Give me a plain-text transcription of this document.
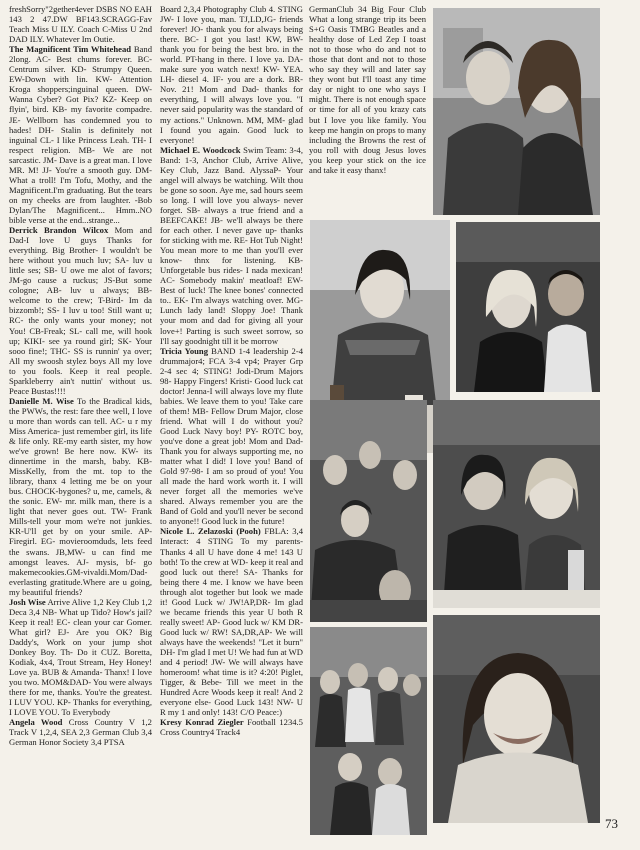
freshSorry"2gether4ever DSBS NO EAH 143 2 47.DW BF143.SCRAGG-Fav Teach Miss U ILY. Coach C-Miss U 2nd DAD ILY. Whatever Im Outie.

The Magnificent Tim Whitehead Band 2long. AC- Best chums forever. BC- Centrum silver. KD- Strumpy Queen. EW-Down with lin. KW- Attention Kroga shoppers;inguinal queen. DW- Wanna Cyber? Got Pix? KZ- Keep on flyin', bird. KB- my favorite compadre. JE- Wellborn has condemned you to hades! DH- Stalin is definitely not inguinal CL- I like Princess Leah. TH- I respect religion. MB- We are not sarcastic. JM- Dave is a great man. I love MR. M! JJ- You're a smooth guy. DM- What a troll! I'm Tofu, Mothy, and the Magnificent.I'm graduating. But the tears on my cheeks are from laughter. -Bob Dylan/The Magnificent... Hmm..NO bible verse at the end...strange...

Derrick Brandon Wilcox Mom and Dad-I love U guys Thanks for everything. Big Brother- I wouldn't be here without you much luv; SA- luv u little ses; SB- U owe me alot of favors; JM-go cause a ruckus; JS-But some cologne; AB- luv u always; BB- welcome to the crew; T-Bird- Im da bizzomb!; SS- I luv u too! Still want u; RC- the only wants your money; not You! CB-Freak; SL- call me, will hook up; KIKI- see ya round girl; SK- Your sooo fine!; THC- SS is runnin' ya over; All my swoosh stylez boys All my love to you fools. Keep it real people. Sparkleberry ain't nuttin' without us. Peace Bustas!!!!

Danielle M. Wise To the Bradical kids, the PWWs, the rest: fare thee well, I love u more than words can tell. AC- u r my Miss America- just remember girl, its life & life only. RE-my earth sister, my how we've grown! Be here now. KW- its dinnertime in the marsh, baby. KB- MissKelly, from the mt. top to the library, thanx 4 letting me be on your bus. CHOCK-bygones? u, me, camels, & the sonic. EW- mr. milk man, there is a light that never goes out. TW- Frank Mills-tell your mom we're not junkies. KR-U'll get by on your smile. AP- Firegirl. EG- movieroomduds, lets feed the swans. JB,MW- u can find me amongst leaves. AJ- mysis, bf- go makemecookies.GM-vivaldi.Mom/Dad- everlasting gratitude.Where are u going, my beautiful friends?

Josh Wise Arrive Alive 1,2 Key Club 1,2 Deca 3,4 NB- What up Tido? How's jail? Keep it real! EC- clean your car Gomer. What girl? EJ- Are you OK? Big Daddy's, Work on your jump shot Donkey Boy. Th- Do it CUZ. Boretta, Kodiak, 4x4, Trout Stream, Hey Honey! Love ya. BUB & Amanda- Thanx! I love you two. MOM&DAD- You were always there for me, thanks. You're the greatest. I LUV YOU. KP- Thanks for everything, I LOVE YOU. To Everybody

Angela Wood Cross Country V 1,2 Track V 1,2,4, SEA 2,3 German Club 3,4 German Honor Society 3,4 PTSA

Board 2,3,4 Photography Club 4. STING JW- I love you, man. TJ,LD,JG- friends forever! JO- thank you for always being there. BC- I got you last! KW, BW- thank you for being the best bro. in the world. PT-hang in there. I love ya. DA- make sure you watch next! KW- YEA. LH- diesel 4. IF- you are a dork. BR-Nov. 21! Mom and Dad- thanks for everything, I will always love you. "I never said popularity was the standard of my actions." Unknown. MM, MM- glad I found you again. Good luck to everyone!

Michael E. Woodcock Swim Team: 3-4, Band: 1-3, Anchor Club, Arrive Alive, Key Club, Jazz Band. AlyssaP- Your angel will always be watching. Wilt thou be gone so soon. Aye me, sad hours seem so long. I will love you always- never forget. SB- always a true friend and a BEEFCAKE! JB- we'll always be there for each other. I never gave up- thanks for sticking with me. RE- Hot Tub Night! You mean more to me than you'll ever know- thnx for listening. KB- Unforgetable bus rides- I nada mexican! AC- Somebody makin' meatloaf! EW- Best of luck! The knee bones' connected to.. EK- I'm always watching over. MG- Lunch lady land! Sloppy Joe! Thank your mom and dad for giving all your love+! Parting is such sweet sorrow, so I'll say goodnight till it be morrow

Tricia Young BAND 1-4 leadership 2-4 drummajor4; FCA 3-4 vp4; Prayer Grp 2-4 sec 4; STING! Jodi-Drum Majors 98- Happy Fingers! Kristi- Good luck cat doctor! Jenna-I will always love my flute babies. We leave them to you! Take care of them! MB- Fellow Drum Major, close friend. What will I do without you? Good Luck Navy boy! PY- ROTC boy, you've done a great job! Mom and Dad- Thank you for always supporting me, no matter what I did! I love you! Band of Gold 97-98- I am so proud of you! You all made the hard work worth it. I will never forget all the memories we've shared. Always remember you are the Band of Gold and you'll never be second to anyone!! Good luck in the future!

Nicole L. Zelazoski (Pooh) FBLA: 3,4 Interact: 4 STING To my parents- Thanks 4 all U have done 4 me! 143 U both! To the crew at WD- keep it real and good luck out there! SA- Thanks for being there 4 me. I know we have been through alot together but look we made it! Good Luck w/ JW!AP,DR- Im glad we became friends this year U both R really sweet! AP- Good luck w/ KM DR- Good luck w/ RW! SA,DR,AP- We will always have the weekends! "Let it burn" DH- I'm glad I met U! We had fun at WD and 4 period! JW- We will always have homeroom! what time is it? 4:20! Piglet, Tigger, & Bebe- Till we meet in the Hundred Acre Woods keep it real! And 2 everyone else- Good Luck 143! NW- U R my 1 and only! 143! C/O Peace:)

Kresy Konrad Ziegler Football 1234.5 Cross Country4 Track4

GermanClub 34 Big Four Club What a long strange trip its been S+G Oasis TMBG Beatles and a healthy dose of Led Zep I toast not to those who do and not to those that dont and not to those who say they will and later say they wont but I'll toast any time day or night to one who says I might. There is not enough space or time for all of you krazy cats but I love you like family. You keep me hangin on props to many including the Browns the rest of you roll with doug Jesus loves you keep your stick on the ice and take it easy thanx!

73
